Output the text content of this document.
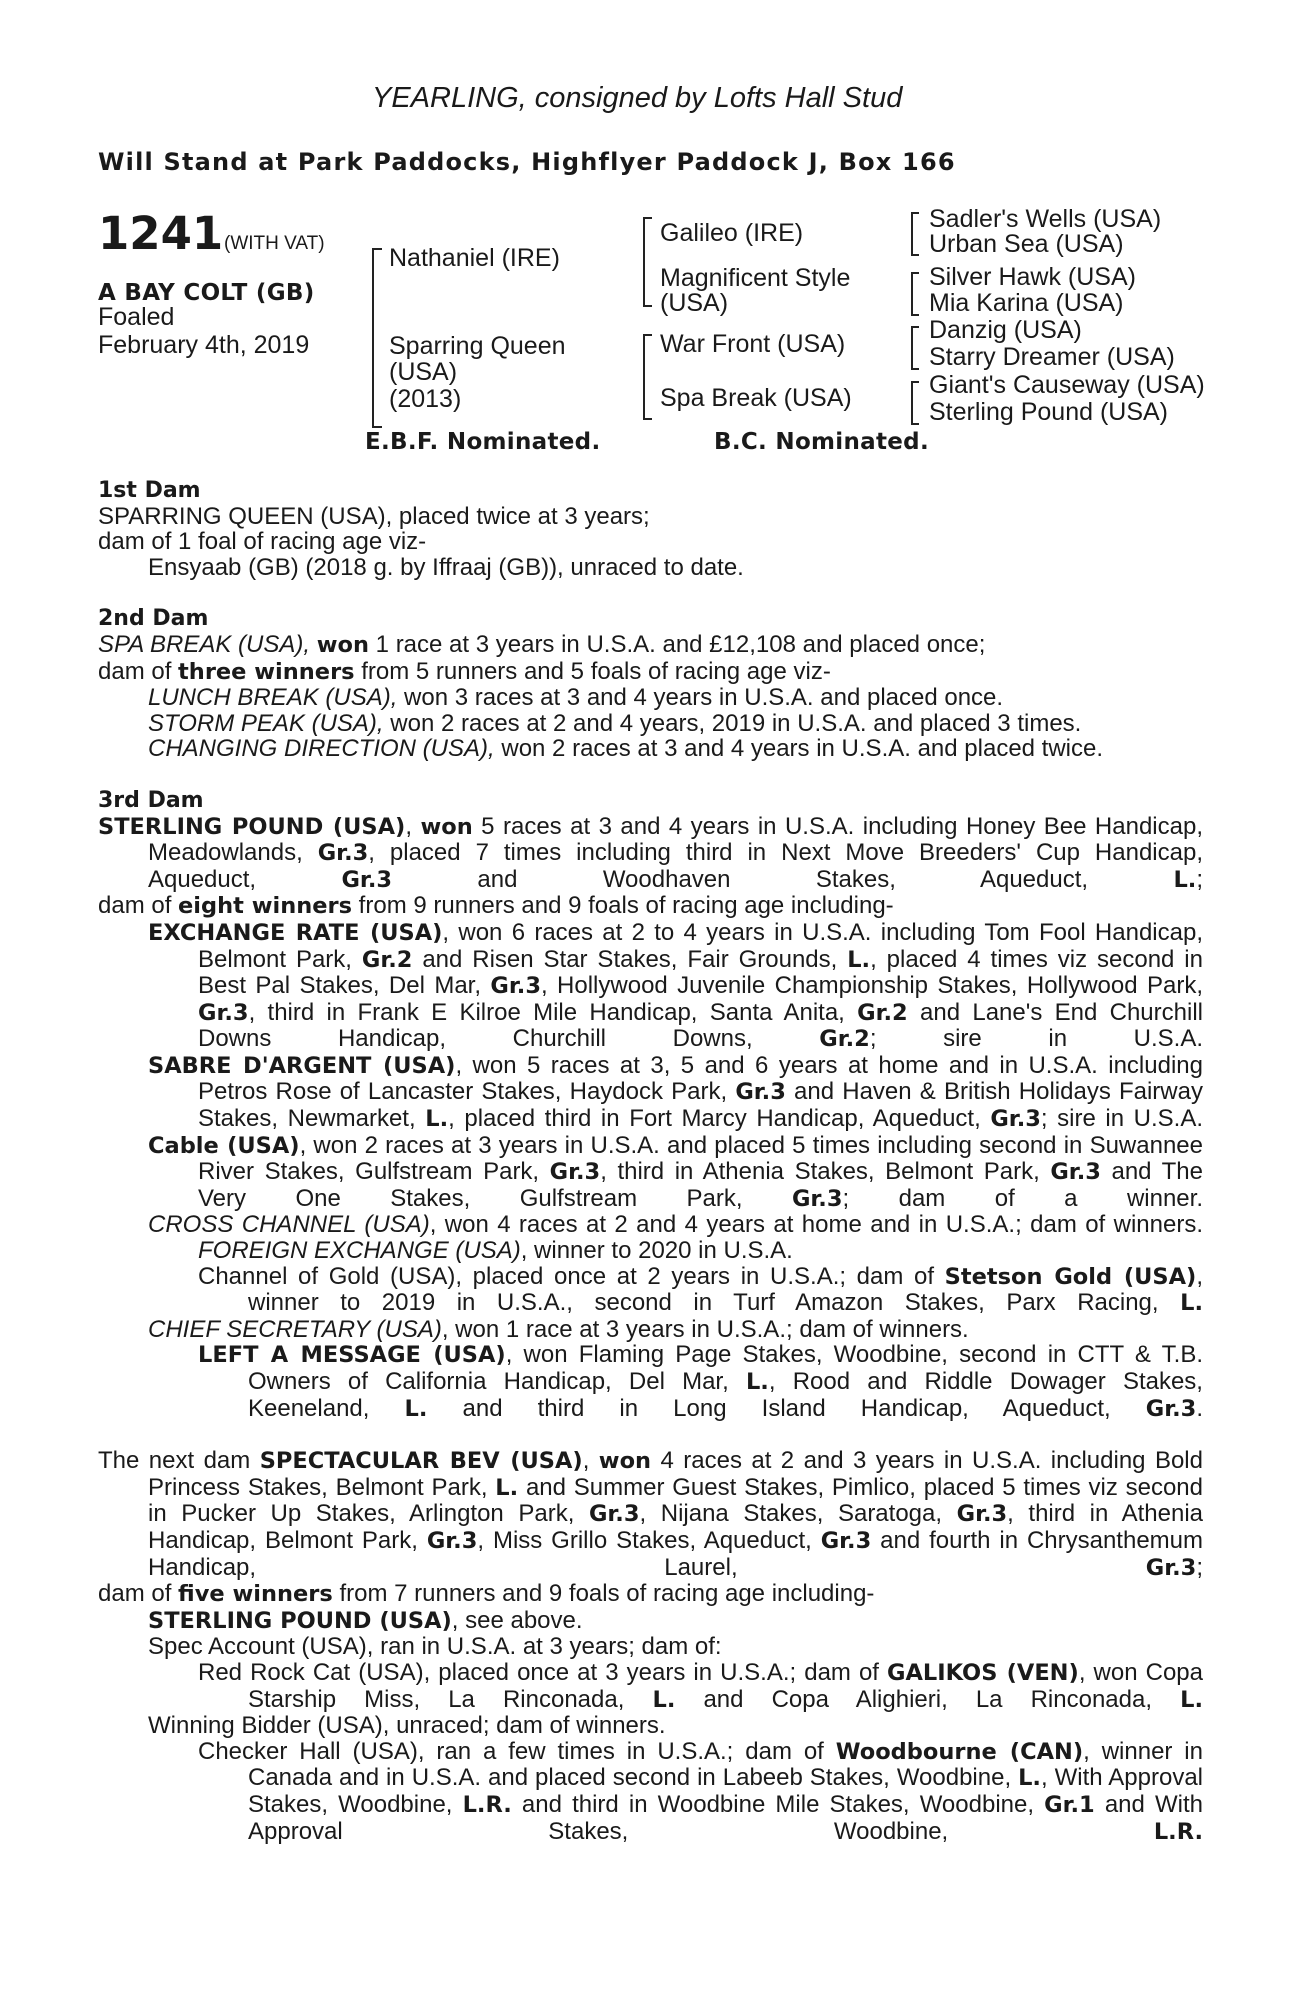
YEARLING, consigned by Lofts Hall Stud
Will Stand at Park Paddocks, Highflyer Paddock J, Box 166
1241 (WITH VAT)
A BAY COLT (GB)
Foaled
February 4th, 2019
Nathaniel (IRE)
Sparring Queen
(USA)
(2013)
Galileo (IRE)
Magnificent Style
(USA)
War Front (USA)
Spa Break (USA)
Sadler's Wells (USA)
Urban Sea (USA)
Silver Hawk (USA)
Mia Karina (USA)
Danzig (USA)
Starry Dreamer (USA)
Giant's Causeway (USA)
Sterling Pound (USA)
E.B.F. Nominated.	B.C. Nominated.

1st Dam

SPARRING QUEEN (USA), placed twice at 3 years;

dam of 1 foal of racing age viz-

Ensyaab (GB) (2018 g. by Iffraaj (GB)), unraced to date.

2nd Dam

SPA BREAK (USA), won 1 race at 3 years in U.S.A. and £12,108 and placed once;

dam of three winners from 5 runners and 5 foals of racing age viz-

LUNCH BREAK (USA), won 3 races at 3 and 4 years in U.S.A. and placed once.

STORM PEAK (USA), won 2 races at 2 and 4 years, 2019 in U.S.A. and placed 3 times.

CHANGING DIRECTION (USA), won 2 races at 3 and 4 years in U.S.A. and placed twice.

3rd Dam

STERLING POUND (USA), won 5 races at 3 and 4 years in U.S.A. including Honey Bee Handicap, Meadowlands, Gr.3, placed 7 times including third in Next Move Breeders' Cup Handicap, Aqueduct, Gr.3 and Woodhaven Stakes, Aqueduct, L.;

dam of eight winners from 9 runners and 9 foals of racing age including-

EXCHANGE RATE (USA), won 6 races at 2 to 4 years in U.S.A. including Tom Fool Handicap, Belmont Park, Gr.2 and Risen Star Stakes, Fair Grounds, L., placed 4 times viz second in Best Pal Stakes, Del Mar, Gr.3, Hollywood Juvenile Championship Stakes, Hollywood Park, Gr.3, third in Frank E Kilroe Mile Handicap, Santa Anita, Gr.2 and Lane's End Churchill Downs Handicap, Churchill Downs, Gr.2; sire in U.S.A.

SABRE D'ARGENT (USA), won 5 races at 3, 5 and 6 years at home and in U.S.A. including Petros Rose of Lancaster Stakes, Haydock Park, Gr.3 and Haven & British Holidays Fairway Stakes, Newmarket, L., placed third in Fort Marcy Handicap, Aqueduct, Gr.3; sire in U.S.A.

Cable (USA), won 2 races at 3 years in U.S.A. and placed 5 times including second in Suwannee River Stakes, Gulfstream Park, Gr.3, third in Athenia Stakes, Belmont Park, Gr.3 and The Very One Stakes, Gulfstream Park, Gr.3; dam of a winner.

CROSS CHANNEL (USA), won 4 races at 2 and 4 years at home and in U.S.A.; dam of winners.

FOREIGN EXCHANGE (USA), winner to 2020 in U.S.A.

Channel of Gold (USA), placed once at 2 years in U.S.A.; dam of Stetson Gold (USA), winner to 2019 in U.S.A., second in Turf Amazon Stakes, Parx Racing, L.

CHIEF SECRETARY (USA), won 1 race at 3 years in U.S.A.; dam of winners.

LEFT A MESSAGE (USA), won Flaming Page Stakes, Woodbine, second in CTT & T.B. Owners of California Handicap, Del Mar, L., Rood and Riddle Dowager Stakes, Keeneland, L. and third in Long Island Handicap, Aqueduct, Gr.3.

The next dam SPECTACULAR BEV (USA), won 4 races at 2 and 3 years in U.S.A. including Bold Princess Stakes, Belmont Park, L. and Summer Guest Stakes, Pimlico, placed 5 times viz second in Pucker Up Stakes, Arlington Park, Gr.3, Nijana Stakes, Saratoga, Gr.3, third in Athenia Handicap, Belmont Park, Gr.3, Miss Grillo Stakes, Aqueduct, Gr.3 and fourth in Chrysanthemum Handicap, Laurel, Gr.3;

dam of five winners from 7 runners and 9 foals of racing age including-

STERLING POUND (USA), see above.

Spec Account (USA), ran in U.S.A. at 3 years; dam of:

Red Rock Cat (USA), placed once at 3 years in U.S.A.; dam of GALIKOS (VEN), won Copa Starship Miss, La Rinconada, L. and Copa Alighieri, La Rinconada, L.

Winning Bidder (USA), unraced; dam of winners.

Checker Hall (USA), ran a few times in U.S.A.; dam of Woodbourne (CAN), winner in Canada and in U.S.A. and placed second in Labeeb Stakes, Woodbine, L., With Approval Stakes, Woodbine, L.R. and third in Woodbine Mile Stakes, Woodbine, Gr.1 and With Approval Stakes, Woodbine, L.R.
